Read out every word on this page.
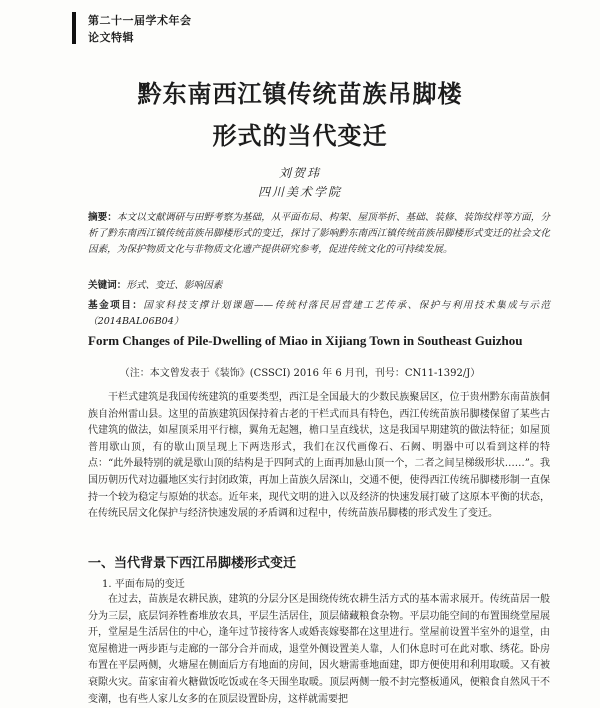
第二十一届学术年会
论文特辑
黔东南西江镇传统苗族吊脚楼
形式的当代变迁
刘贺玮
四川美术学院
摘要：本文以文献调研与田野考察为基础，从平面布局、构架、屋顶举折、基础、装修、装饰纹样等方面，分析了黔东南西江镇传统苗族吊脚楼形式的变迁，探讨了影响黔东南西江镇传统苗族吊脚楼形式变迁的社会文化因素，为保护物质文化与非物质文化遗产提供研究参考，促进传统文化的可持续发展。
关键词：形式、变迁、影响因素
基金项目：国家科技支撑计划课题——传统村落民居营建工艺传承、保护与利用技术集成与示范（2014BAL06B04）
Form Changes of Pile-Dwelling of Miao in Xijiang Town in Southeast Guizhou
（注：本文曾发表于《装饰》(CSSCI) 2016 年 6 月刊，刊号：CN11-1392/J）
干栏式建筑是我国传统建筑的重要类型，西江是全国最大的少数民族聚居区，位于贵州黔东南苗族侗族自治州雷山县。这里的苗族建筑因保持着古老的干栏式而具有特色，西江传统苗族吊脚楼保留了某些古代建筑的做法，如屋顶采用平行檩，翼角无起翘，檐口呈直线状，这是我国早期建筑的做法特征；如屋顶普用歇山顶，有的歇山顶呈现上下两迭形式，我们在汉代画像石、石阙、明器中可以看到这样的特点：“此外最特别的就是歇山顶的结构是于四阿式的上面再加悬山顶一个，二者之间呈梯级形状……”。我国历朝历代对边疆地区实行封闭政策，再加上苗族久居深山，交通不便，使得西江传统吊脚楼形制一直保持一个较为稳定与原始的状态。近年来，现代文明的进入以及经济的快速发展打破了这原本平衡的状态，在传统民居文化保护与经济快速发展的矛盾调和过程中，传统苗族吊脚楼的形式发生了变迁。
一、当代背景下西江吊脚楼形式变迁
1. 平面布局的变迁
在过去，苗族是农耕民族，建筑的分层分区是围绕传统农耕生活方式的基本需求展开。传统苗居一般分为三层，底层饲养牲畜堆放农具，平层生活居住，顶层储藏粮食杂物。平层功能空间的布置围绕堂屋展开，堂屋是生活居住的中心，逢年过节接待客人或婚丧嫁娶都在这里进行。堂屋前设置半室外的退堂，由宽屋檐进一两步距与走廊的一部分合并而成，退堂外侧设置美人靠，人们休息时可在此对歌、绣花。卧房布置在平层两侧，火塘屋在侧面后方有地面的房间，因火塘需垂地面建，即方便使用和利用取暖。又有被衰隙火灾。苗家宙着火糖做饭吃饭或在冬天围坐取暖。顶层两侧一般不封完整板通风，便粮食自然风干不变潮，也有些人家儿女多的在顶层设置卧房，这样就需要把
